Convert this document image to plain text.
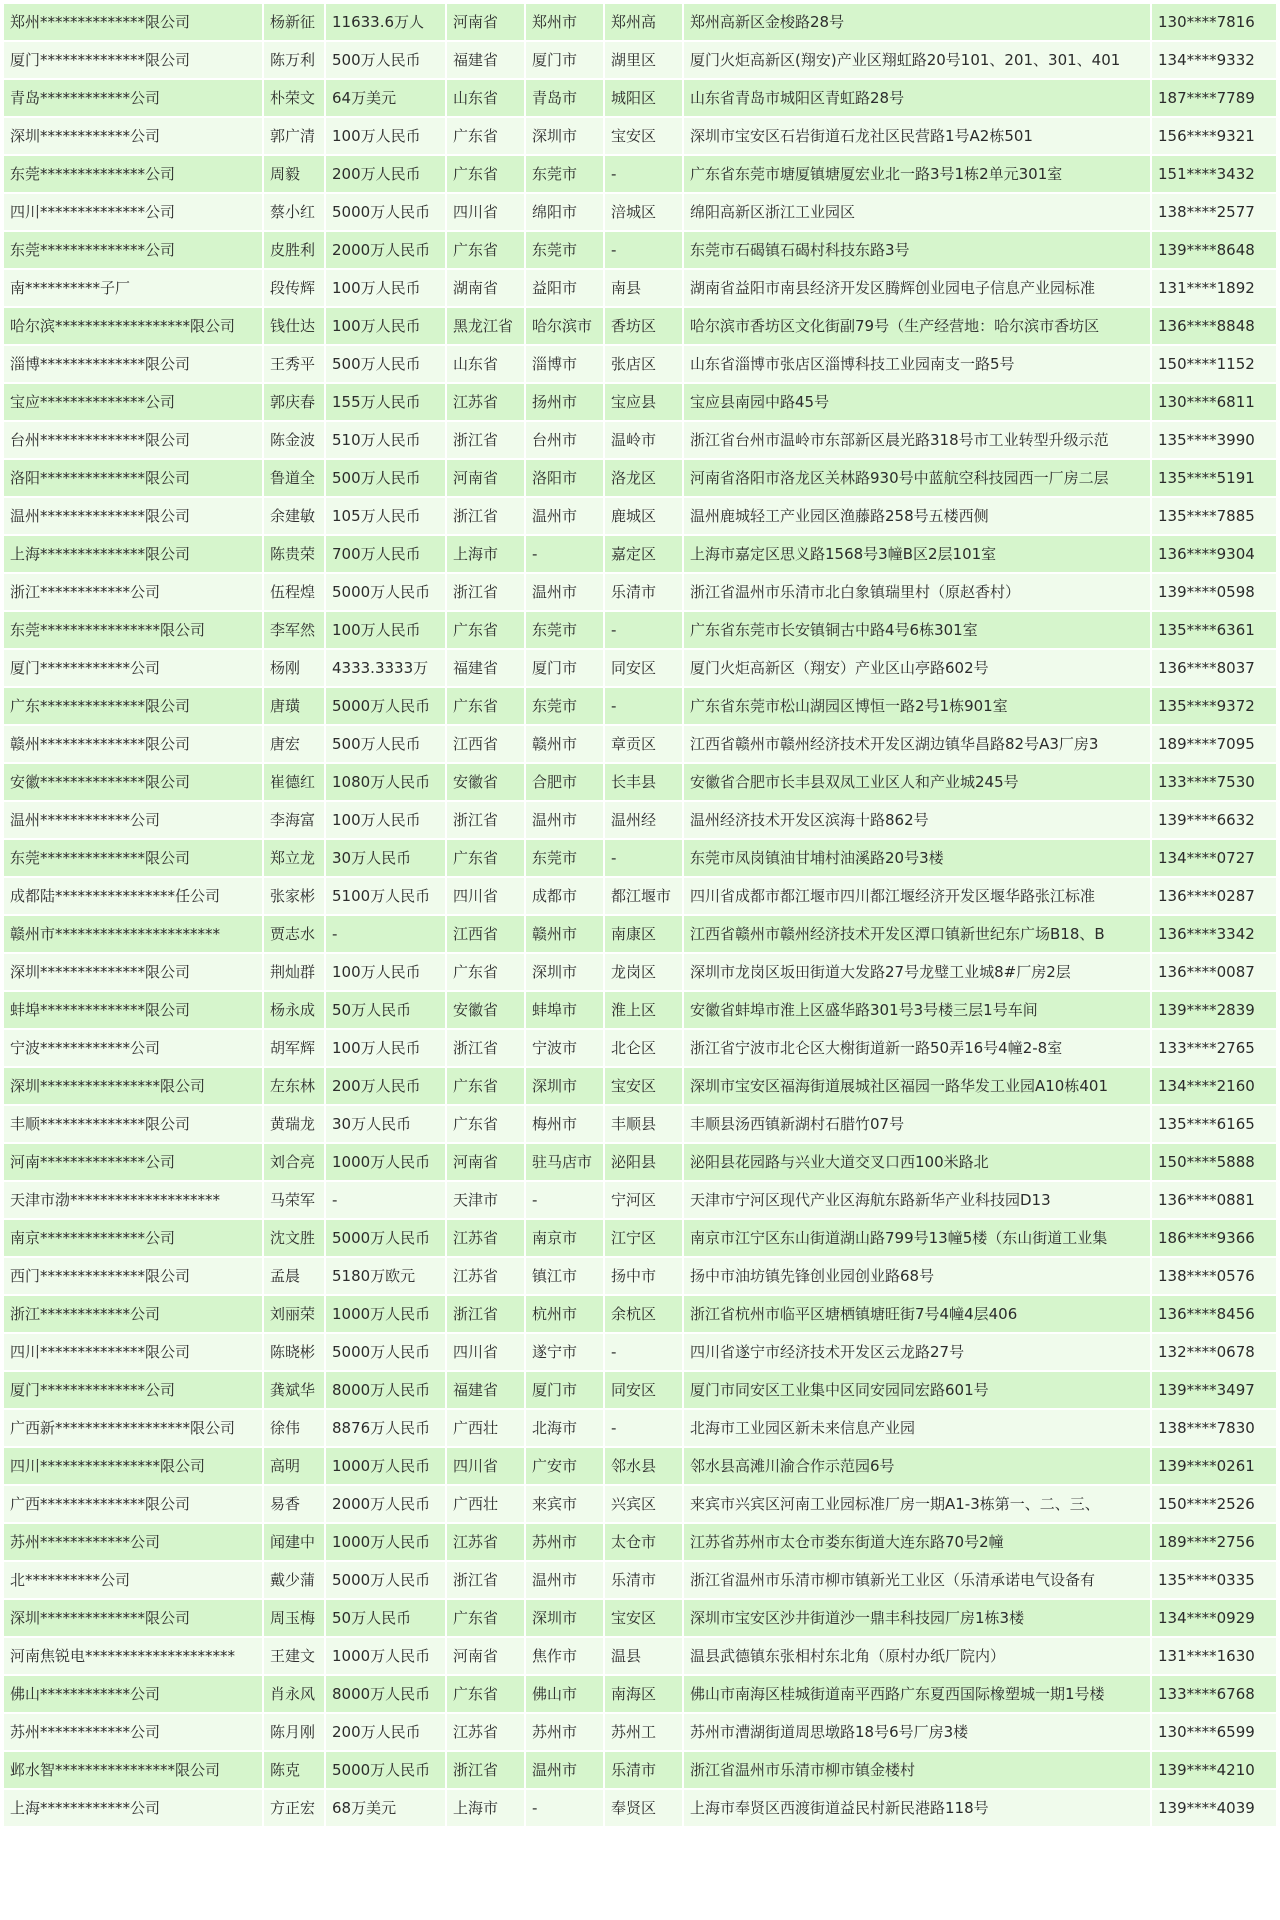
郑州**************限公司	杨新征	11633.6万人	河南省	郑州市	郑州高	郑州高新区金梭路28号	130****7816
厦门**************限公司	陈万利	500万人民币	福建省	厦门市	湖里区	厦门火炬高新区(翔安)产业区翔虹路20号101、201、301、401	134****9332
青岛************公司	朴荣文	64万美元	山东省	青岛市	城阳区	山东省青岛市城阳区青虹路28号	187****7789
深圳************公司	郭广清	100万人民币	广东省	深圳市	宝安区	深圳市宝安区石岩街道石龙社区民营路1号A2栋501	156****9321
东莞**************公司	周毅	200万人民币	广东省	东莞市	-	广东省东莞市塘厦镇塘厦宏业北一路3号1栋2单元301室	151****3432
四川**************公司	蔡小红	5000万人民币	四川省	绵阳市	涪城区	绵阳高新区浙江工业园区	138****2577
东莞**************公司	皮胜利	2000万人民币	广东省	东莞市	-	东莞市石碣镇石碣村科技东路3号	139****8648
南**********子厂	段传辉	100万人民币	湖南省	益阳市	南县	湖南省益阳市南县经济开发区腾辉创业园电子信息产业园标准	131****1892
哈尔滨******************限公司	钱仕达	100万人民币	黑龙江省	哈尔滨市	香坊区	哈尔滨市香坊区文化街副79号（生产经营地：哈尔滨市香坊区	136****8848
淄博**************限公司	王秀平	500万人民币	山东省	淄博市	张店区	山东省淄博市张店区淄博科技工业园南支一路5号	150****1152
宝应**************公司	郭庆春	155万人民币	江苏省	扬州市	宝应县	宝应县南园中路45号	130****6811
台州**************限公司	陈金波	510万人民币	浙江省	台州市	温岭市	浙江省台州市温岭市东部新区晨光路318号市工业转型升级示范	135****3990
洛阳**************限公司	鲁道全	500万人民币	河南省	洛阳市	洛龙区	河南省洛阳市洛龙区关林路930号中蓝航空科技园西一厂房二层	135****5191
温州**************限公司	余建敏	105万人民币	浙江省	温州市	鹿城区	温州鹿城轻工产业园区渔藤路258号五楼西侧	135****7885
上海**************限公司	陈贵荣	700万人民币	上海市	-	嘉定区	上海市嘉定区思义路1568号3幢B区2层101室	136****9304
浙江************公司	伍程煌	5000万人民币	浙江省	温州市	乐清市	浙江省温州市乐清市北白象镇瑞里村（原赵香村）	139****0598
东莞****************限公司	李军然	100万人民币	广东省	东莞市	-	广东省东莞市长安镇铜古中路4号6栋301室	135****6361
厦门************公司	杨刚	4333.3333万	福建省	厦门市	同安区	厦门火炬高新区（翔安）产业区山亭路602号	136****8037
广东**************限公司	唐璜	5000万人民币	广东省	东莞市	-	广东省东莞市松山湖园区博恒一路2号1栋901室	135****9372
赣州**************限公司	唐宏	500万人民币	江西省	赣州市	章贡区	江西省赣州市赣州经济技术开发区湖边镇华昌路82号A3厂房3	189****7095
安徽**************限公司	崔德红	1080万人民币	安徽省	合肥市	长丰县	安徽省合肥市长丰县双凤工业区人和产业城245号	133****7530
温州************公司	李海富	100万人民币	浙江省	温州市	温州经	温州经济技术开发区滨海十路862号	139****6632
东莞**************限公司	郑立龙	30万人民币	广东省	东莞市	-	东莞市凤岗镇油甘埔村油溪路20号3楼	134****0727
成都陆****************任公司	张家彬	5100万人民币	四川省	成都市	都江堰市	四川省成都市都江堰市四川都江堰经济开发区堰华路张江标准	136****0287
赣州市**********************	贾志水	-	江西省	赣州市	南康区	江西省赣州市赣州经济技术开发区潭口镇新世纪东广场B18、B	136****3342
深圳**************限公司	荆灿群	100万人民币	广东省	深圳市	龙岗区	深圳市龙岗区坂田街道大发路27号龙璧工业城8#厂房2层	136****0087
蚌埠**************限公司	杨永成	50万人民币	安徽省	蚌埠市	淮上区	安徽省蚌埠市淮上区盛华路301号3号楼三层1号车间	139****2839
宁波************公司	胡军辉	100万人民币	浙江省	宁波市	北仑区	浙江省宁波市北仑区大榭街道新一路50弄16号4幢2-8室	133****2765
深圳****************限公司	左东林	200万人民币	广东省	深圳市	宝安区	深圳市宝安区福海街道展城社区福园一路华发工业园A10栋401	134****2160
丰顺**************限公司	黄瑞龙	30万人民币	广东省	梅州市	丰顺县	丰顺县汤西镇新湖村石腊竹07号	135****6165
河南**************公司	刘合亮	1000万人民币	河南省	驻马店市	泌阳县	泌阳县花园路与兴业大道交叉口西100米路北	150****5888
天津市渤********************	马荣军	-	天津市	-	宁河区	天津市宁河区现代产业区海航东路新华产业科技园D13	136****0881
南京**************公司	沈文胜	5000万人民币	江苏省	南京市	江宁区	南京市江宁区东山街道湖山路799号13幢5楼（东山街道工业集	186****9366
西门**************限公司	孟晨	5180万欧元	江苏省	镇江市	扬中市	扬中市油坊镇先锋创业园创业路68号	138****0576
浙江************公司	刘丽荣	1000万人民币	浙江省	杭州市	余杭区	浙江省杭州市临平区塘栖镇塘旺街7号4幢4层406	136****8456
四川**************限公司	陈晓彬	5000万人民币	四川省	遂宁市	-	四川省遂宁市经济技术开发区云龙路27号	132****0678
厦门**************公司	龚斌华	8000万人民币	福建省	厦门市	同安区	厦门市同安区工业集中区同安园同宏路601号	139****3497
广西新******************限公司	徐伟	8876万人民币	广西壮	北海市	-	北海市工业园区新未来信息产业园	138****7830
四川****************限公司	高明	1000万人民币	四川省	广安市	邻水县	邻水县高滩川渝合作示范园6号	139****0261
广西**************限公司	易香	2000万人民币	广西壮	来宾市	兴宾区	来宾市兴宾区河南工业园标准厂房一期A1-3栋第一、二、三、	150****2526
苏州************公司	闻建中	1000万人民币	江苏省	苏州市	太仓市	江苏省苏州市太仓市娄东街道大连东路70号2幢	189****2756
北**********公司	戴少蒲	5000万人民币	浙江省	温州市	乐清市	浙江省温州市乐清市柳市镇新光工业区（乐清承诺电气设备有	135****0335
深圳**************限公司	周玉梅	50万人民币	广东省	深圳市	宝安区	深圳市宝安区沙井街道沙一鼎丰科技园厂房1栋3楼	134****0929
河南焦锐电********************	王建文	1000万人民币	河南省	焦作市	温县	温县武德镇东张相村东北角（原村办纸厂院内）	131****1630
佛山************公司	肖永风	8000万人民币	广东省	佛山市	南海区	佛山市南海区桂城街道南平西路广东夏西国际橡塑城一期1号楼	133****6768
苏州************公司	陈月刚	200万人民币	江苏省	苏州市	苏州工	苏州市漕湖街道周思墩路18号6号厂房3楼	130****6599
邺水智****************限公司	陈克	5000万人民币	浙江省	温州市	乐清市	浙江省温州市乐清市柳市镇金楼村	139****4210
上海************公司	方正宏	68万美元	上海市	-	奉贤区	上海市奉贤区西渡街道益民村新民港路118号	139****4039
